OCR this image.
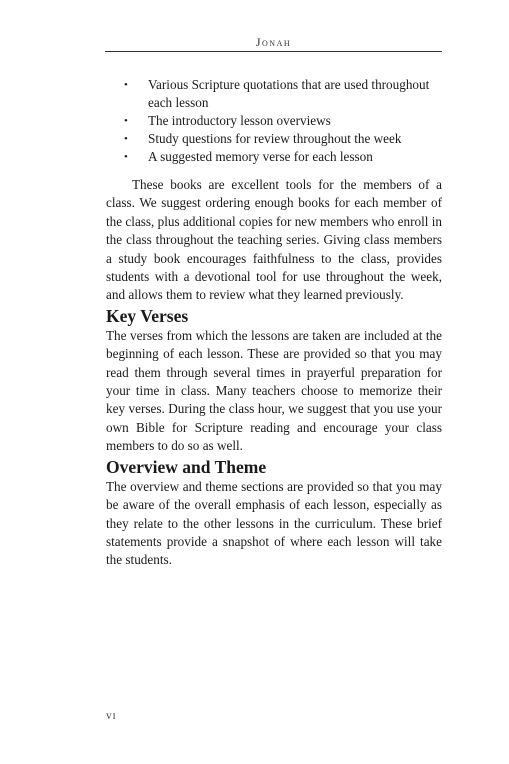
Jonah
• Various Scripture quotations that are used throughout each lesson
• The introductory lesson overviews
• Study questions for review throughout the week
• A suggested memory verse for each lesson

These books are excellent tools for the members of a class. We suggest ordering enough books for each member of the class, plus additional copies for new members who enroll in the class throughout the teaching series. Giving class members a study book encourages faithfulness to the class, provides students with a devotional tool for use throughout the week, and allows them to review what they learned previously.

Key Verses

The verses from which the lessons are taken are included at the beginning of each lesson. These are provided so that you may read them through several times in prayerful preparation for your time in class. Many teachers choose to memorize their key verses. During the class hour, we suggest that you use your own Bible for Scripture reading and encourage your class members to do so as well.

Overview and Theme

The overview and theme sections are provided so that you may be aware of the overall emphasis of each lesson, especially as they relate to the other lessons in the curriculum. These brief statements provide a snapshot of where each lesson will take the students.

vi
